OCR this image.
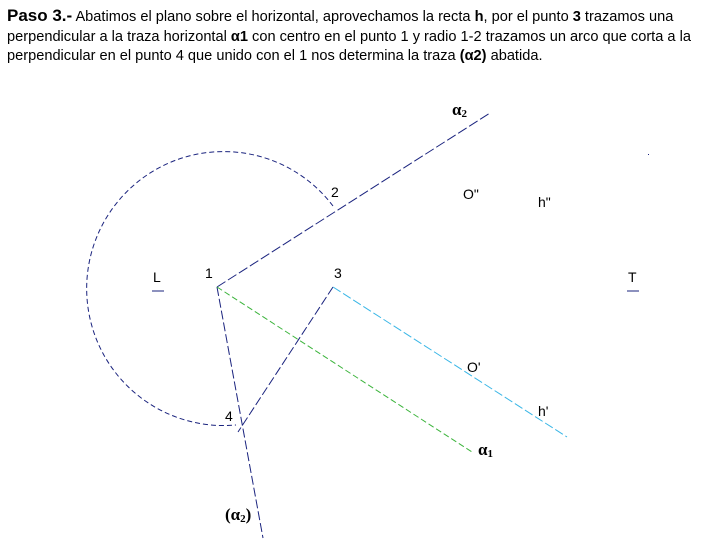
Paso 3.- Abatimos el plano sobre el horizontal, aprovechamos la recta h, por el punto 3 trazamos una perpendicular a la traza horizontal α1 con centro en el punto 1 y radio 1-2 trazamos un arco que corta a la perpendicular en el punto 4 que unido con el 1 nos determina la traza (α2) abatida.
α2
α1
(α2)
1
2
3
4
L	T
O"
O'
h"
h'
